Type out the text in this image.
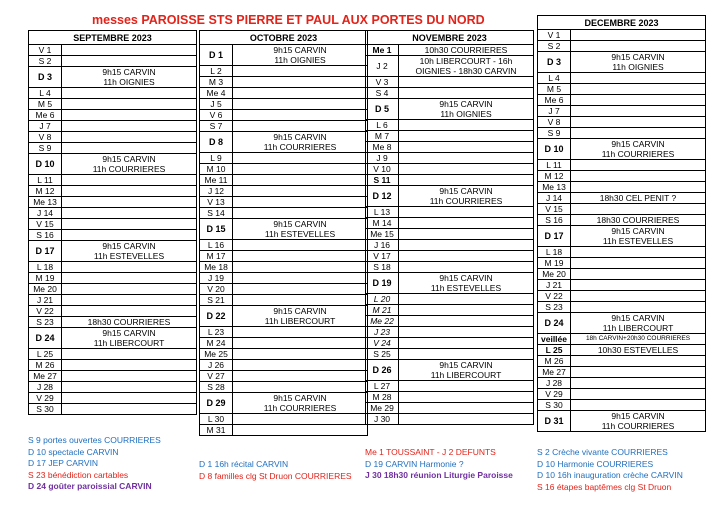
messes PAROISSE STS PIERRE ET PAUL AUX PORTES DU NORD
SEPTEMBRE 2023	
V 1	
S 2	
D 3	9h15 CARVIN
	11h OIGNIES
L 4	
M 5	
Me 6	
J 7	
V 8	
S 9	
D 10	9h15 CARVIN
	11h COURRIERES
L 11	
M 12	
Me 13	
J 14	
V 15	
S 16	
D 17	9h15 CARVIN
	11h ESTEVELLES
L 18	
M 19	
Me 20	
J 21	
V 22	
S 23	18h30 COURRIERES
D 24	9h15 CARVIN
	11h LIBERCOURT
L 25	
M 26	
Me 27	
J 28	
V 29	
S 30	
S 9 portes ouvertes COURRIERES
D 10 spectacle CARVIN
D 17 JEP CARVIN
S 23 bénédiction cartables
D 24 goûter paroissial CARVIN
OCTOBRE 2023	
D 1	9h15 CARVIN
	11h OIGNIES
L 2	
M 3	
Me 4	
J 5	
V 6	
S 7	
D 8	9h15 CARVIN
	11h COURRIERES
L 9	
M 10	
Me 11	
J 12	
V 13	
S 14	
D 15	9h15 CARVIN
	11h ESTEVELLES
L 16	
M 17	
Me 18	
J 19	
V 20	
S 21	
D 22	9h15 CARVIN
	11h LIBERCOURT
L 23	
M 24	
Me 25	
J 26	
V 27	
S 28	
D 29	9h15 CARVIN
	11h COURRIERES
L 30	
M 31	
D 1 16h récital CARVIN
D 8 familles clg St Druon COURRIERES
NOVEMBRE 2023	
Me 1	10h30 COURRIERES
J 2	10h LIBERCOURT - 16h
	OIGNIES - 18h30 CARVIN
V 3	
S 4	
D 5	9h15 CARVIN
	11h OIGNIES
L 6	
M 7	
Me 8	
J 9	
V 10	
S 11	
D 12	9h15 CARVIN
	11h COURRIERES
L 13	
M 14	
Me 15	
J 16	
V 17	
S 18	
D 19	9h15 CARVIN
	11h ESTEVELLES
L 20	
M 21	
Me 22	
J 23	
V 24	
S 25	
D 26	9h15 CARVIN
	11h LIBERCOURT
L 27	
M 28	
Me 29	
J 30	
Me 1 TOUSSAINT - J 2 DEFUNTS
D 19 CARVIN Harmonie ?
J 30 18h30 réunion Liturgie Paroisse
DECEMBRE 2023	
V 1	
S 2	
D 3	9h15 CARVIN
	11h OIGNIES
L 4	
M 5	
Me 6	
J 7	
V 8	
S 9	
D 10	9h15 CARVIN
	11h COURRIERES
L 11	
M 12	
Me 13	
J 14	18h30 CEL PENIT ?
V 15	
S 16	18h30 COURRIERES
D 17	9h15 CARVIN
	11h ESTEVELLES
L 18	
M 19	
Me 20	
J 21	
V 22	
S 23	
D 24	9h15 CARVIN
	11h LIBERCOURT
veillée	18h CARVIN+20h30 COURRIERES
L 25	10h30 ESTEVELLES
M 26	
Me 27	
J 28	
V 29	
S 30	
D 31	9h15 CARVIN
	11h COURRIERES
S 2 Crèche vivante COURRIERES
D 10 Harmonie COURRIERES
D 10 16h inauguration crèche CARVIN
S 16 étapes baptêmes clg St Druon
